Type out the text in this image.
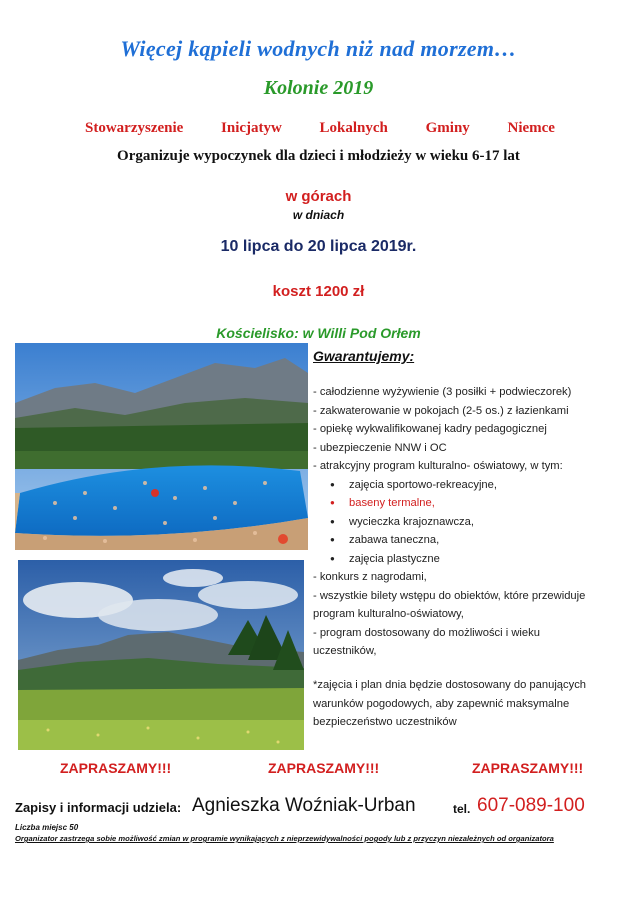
Więcej kąpieli wodnych niż nad morzem…
Kolonie 2019
Stowarzyszenie	Inicjatyw	Lokalnych	Gminy	Niemce
Organizuje wypoczynek dla dzieci i młodzieży w wieku 6-17 lat
w górach
w dniach
10 lipca do 20 lipca 2019r.
koszt 1200 zł
Kościelisko: w Willi Pod Orłem
Gwarantujemy:
- całodzienne wyżywienie (3 posiłki + podwieczorek)
- zakwaterowanie w pokojach (2-5 os.) z łazienkami
- opiekę wykwalifikowanej kadry pedagogicznej
- ubezpieczenie NNW i OC
- atrakcyjny program kulturalno- oświatowy, w tym:
● zajęcia sportowo-rekreacyjne,
● baseny termalne,
● wycieczka krajoznawcza,
● zabawa taneczna,
● zajęcia plastyczne
- konkurs z nagrodami,
- wszystkie bilety wstępu do obiektów, które przewiduje
program kulturalno-oświatowy,
- program dostosowany do możliwości i wieku
uczestników,
*zajęcia i plan dnia będzie dostosowany do panujących
warunków pogodowych, aby zapewnić maksymalne
bezpieczeństwo uczestników
ZAPRASZAMY!!!	ZAPRASZAMY!!!	ZAPRASZAMY!!!
Zapisy i informacji udziela: Agnieszka Woźniak-Urban	tel. 607-089-100
Liczba miejsc 50
Organizator zastrzega sobie możliwość zmian w programie wynikających z nieprzewidywalności pogody lub z przyczyn niezależnych od organizatora
